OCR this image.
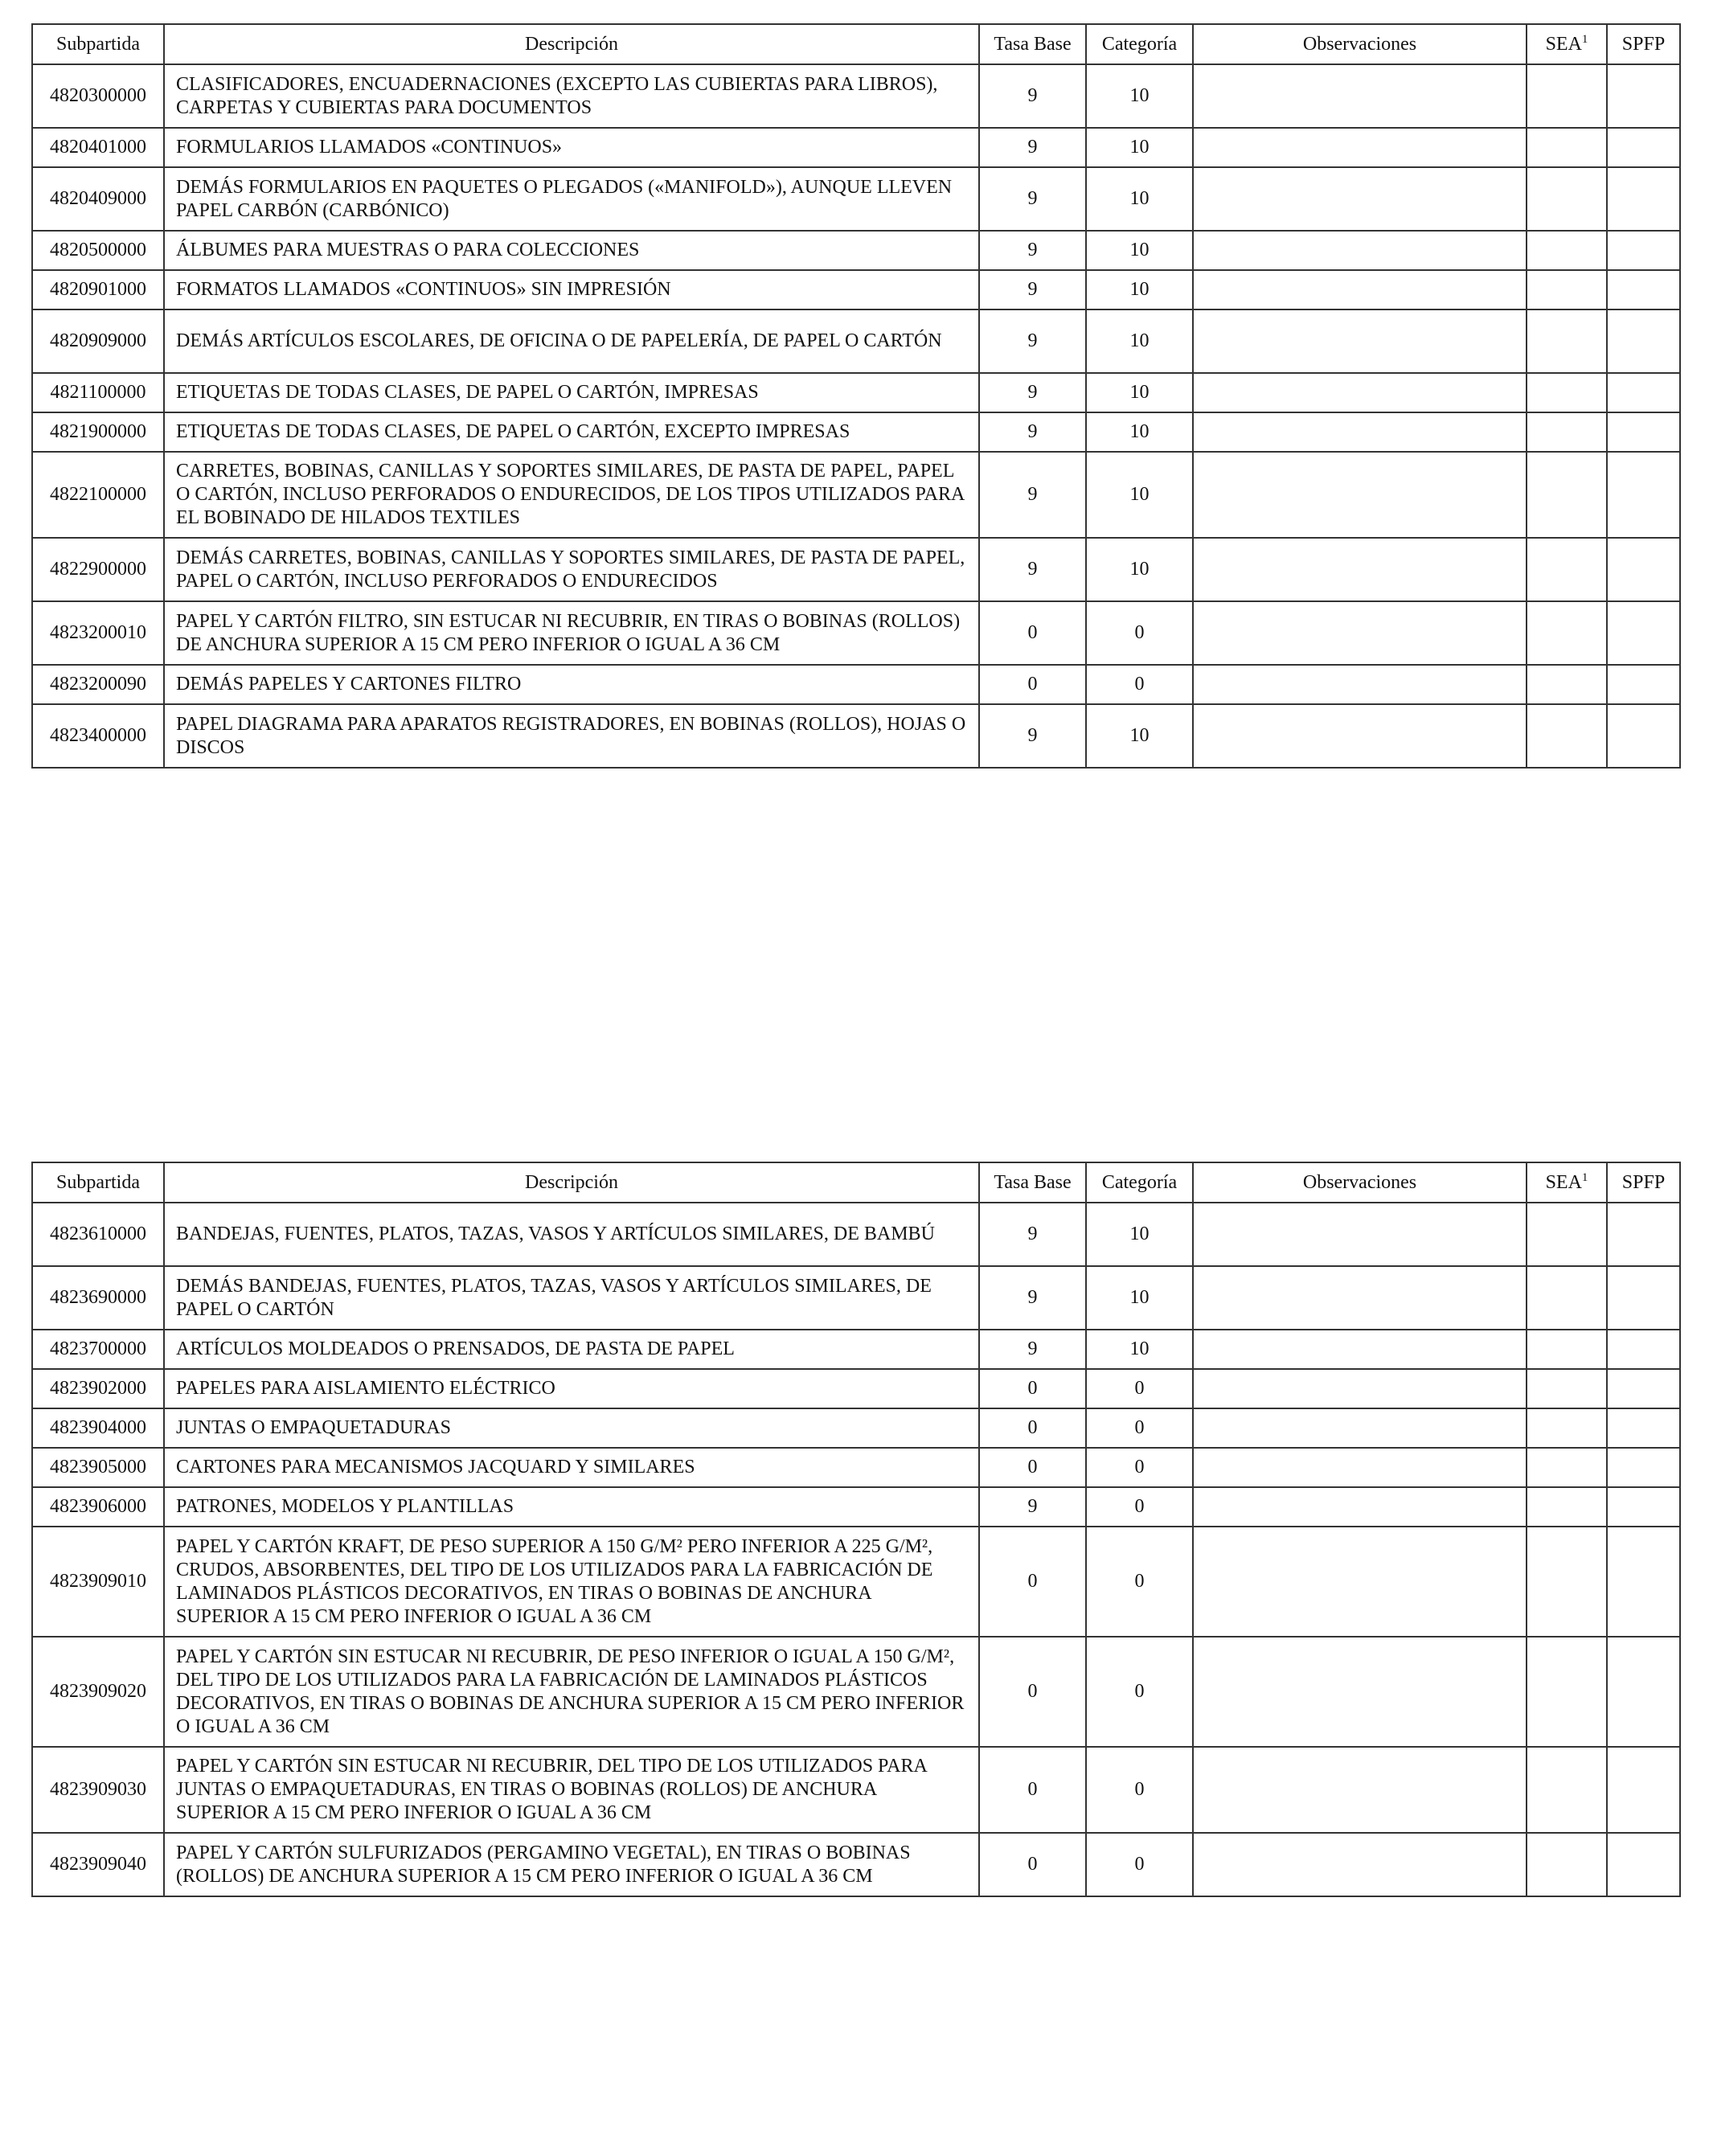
Subpartida	Descripción	Tasa Base	Categoría	Observaciones	SEA$^1$	SPFP
4820300000	CLASIFICADORES, ENCUADERNACIONES (EXCEPTO LAS CUBIERTAS PARA LIBROS), CARPETAS Y CUBIERTAS PARA DOCUMENTOS	9	10			
4820401000	FORMULARIOS LLAMADOS «CONTINUOS»	9	10			
4820409000	DEMÁS FORMULARIOS EN PAQUETES O PLEGADOS («MANIFOLD»), AUNQUE LLEVEN PAPEL CARBÓN (CARBÓNICO)	9	10			
4820500000	ÁLBUMES PARA MUESTRAS O PARA COLECCIONES	9	10			
4820901000	FORMATOS LLAMADOS «CONTINUOS» SIN IMPRESIÓN	9	10			
4820909000	DEMÁS ARTÍCULOS ESCOLARES, DE OFICINA O DE PAPELERÍA, DE PAPEL O CARTÓN	9	10			
4821100000	ETIQUETAS DE TODAS CLASES, DE PAPEL O CARTÓN, IMPRESAS	9	10			
4821900000	ETIQUETAS DE TODAS CLASES, DE PAPEL O CARTÓN, EXCEPTO IMPRESAS	9	10			
4822100000	CARRETES, BOBINAS, CANILLAS Y SOPORTES SIMILARES, DE PASTA DE PAPEL, PAPEL O CARTÓN, INCLUSO PERFORADOS O ENDURECIDOS, DE LOS TIPOS UTILIZADOS PARA EL BOBINADO DE HILADOS TEXTILES	9	10			
4822900000	DEMÁS CARRETES, BOBINAS, CANILLAS Y SOPORTES SIMILARES, DE PASTA DE PAPEL, PAPEL O CARTÓN, INCLUSO PERFORADOS O ENDURECIDOS	9	10			
4823200010	PAPEL Y CARTÓN FILTRO, SIN ESTUCAR NI RECUBRIR, EN TIRAS O BOBINAS (ROLLOS) DE ANCHURA SUPERIOR A 15 CM PERO INFERIOR O IGUAL A 36 CM	0	0			
4823200090	DEMÁS PAPELES Y CARTONES FILTRO	0	0			
4823400000	PAPEL DIAGRAMA PARA APARATOS REGISTRADORES, EN BOBINAS (ROLLOS), HOJAS O DISCOS	9	10			
Subpartida	Descripción	Tasa Base	Categoría	Observaciones	SEA$^1$	SPFP
4823610000	BANDEJAS, FUENTES, PLATOS, TAZAS, VASOS Y ARTÍCULOS SIMILARES, DE BAMBÚ	9	10			
4823690000	DEMÁS BANDEJAS, FUENTES, PLATOS, TAZAS, VASOS Y ARTÍCULOS SIMILARES, DE PAPEL O CARTÓN	9	10			
4823700000	ARTÍCULOS MOLDEADOS O PRENSADOS, DE PASTA DE PAPEL	9	10			
4823902000	PAPELES PARA AISLAMIENTO ELÉCTRICO	0	0			
4823904000	JUNTAS O EMPAQUETADURAS	0	0			
4823905000	CARTONES PARA MECANISMOS JACQUARD Y SIMILARES	0	0			
4823906000	PATRONES, MODELOS Y PLANTILLAS	9	0			
4823909010	PAPEL Y CARTÓN KRAFT, DE PESO SUPERIOR A 150 G/M² PERO INFERIOR A 225 G/M², CRUDOS, ABSORBENTES, DEL TIPO DE LOS UTILIZADOS PARA LA FABRICACIÓN DE LAMINADOS PLÁSTICOS DECORATIVOS, EN TIRAS O BOBINAS DE ANCHURA SUPERIOR A 15 CM PERO INFERIOR O IGUAL A 36 CM	0	0			
4823909020	PAPEL Y CARTÓN SIN ESTUCAR NI RECUBRIR, DE PESO INFERIOR O IGUAL A 150 G/M², DEL TIPO DE LOS UTILIZADOS PARA LA FABRICACIÓN DE LAMINADOS PLÁSTICOS DECORATIVOS, EN TIRAS O BOBINAS DE ANCHURA SUPERIOR A 15 CM PERO INFERIOR O IGUAL A 36 CM	0	0			
4823909030	PAPEL Y CARTÓN SIN ESTUCAR NI RECUBRIR, DEL TIPO DE LOS UTILIZADOS PARA JUNTAS O EMPAQUETADURAS, EN TIRAS O BOBINAS (ROLLOS) DE ANCHURA SUPERIOR A 15 CM PERO INFERIOR O IGUAL A 36 CM	0	0			
4823909040	PAPEL Y CARTÓN SULFURIZADOS (PERGAMINO VEGETAL), EN TIRAS O BOBINAS (ROLLOS) DE ANCHURA SUPERIOR A 15 CM PERO INFERIOR O IGUAL A 36 CM	0	0			
